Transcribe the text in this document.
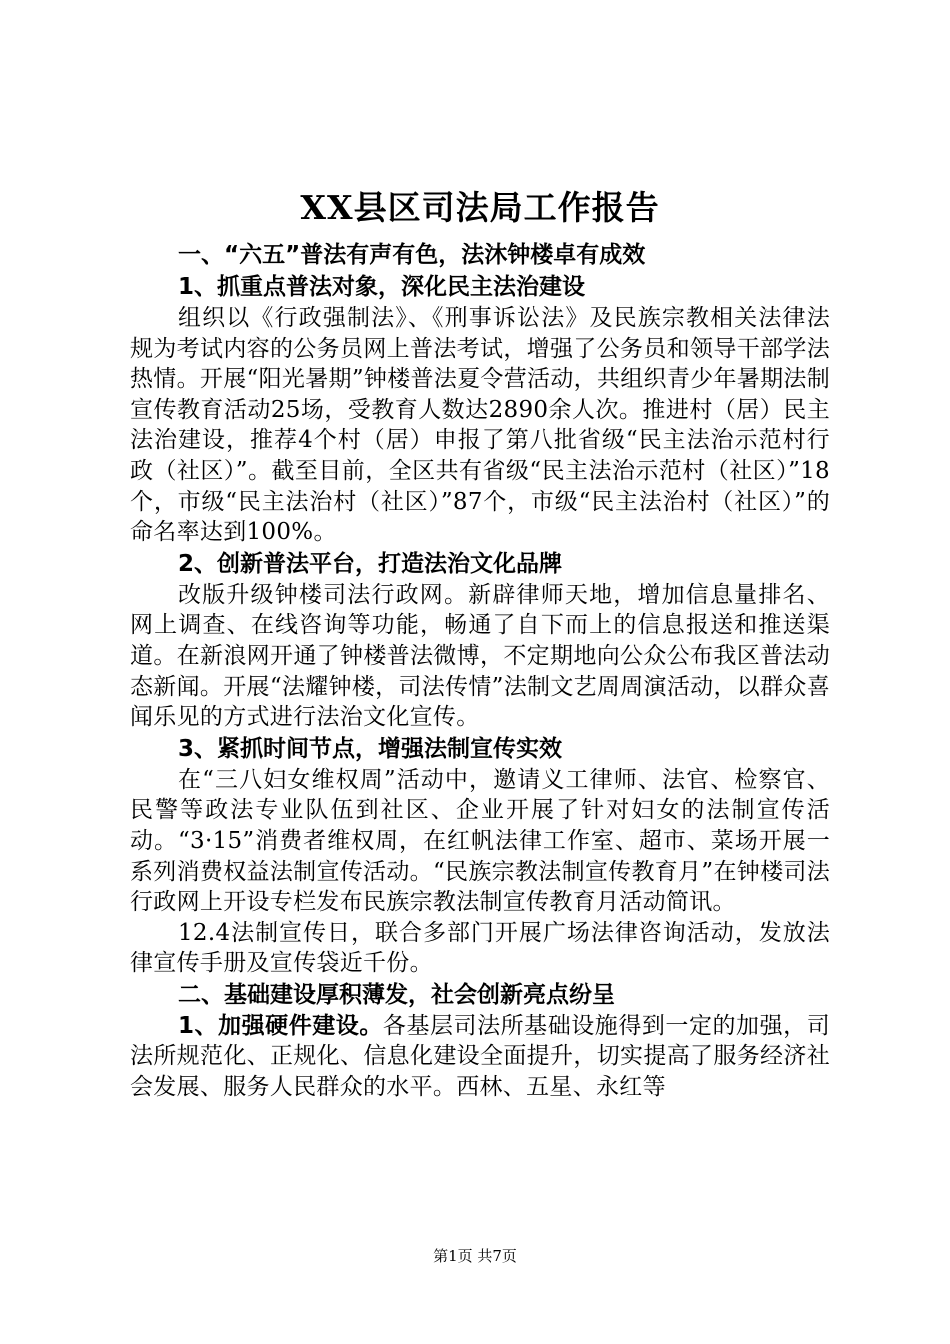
XX县区司法局工作报告
一、“六五”普法有声有色，法沐钟楼卓有成效
1、抓重点普法对象，深化民主法治建设

组织以《行政强制法》、《刑事诉讼法》及民族宗教相关法律法规为考试内容的公务员网上普法考试，增强了公务员和领导干部学法热情。开展“阳光暑期”钟楼普法夏令营活动，共组织青少年暑期法制宣传教育活动25场，受教育人数达2890余人次。推进村（居）民主法治建设，推荐4个村（居）申报了第八批省级“民主法治示范村行政（社区）”。截至目前，全区共有省级“民主法治示范村（社区）”18个，市级“民主法治村（社区）”87个，市级“民主法治村（社区）”的命名率达到100%。

2、创新普法平台，打造法治文化品牌

改版升级钟楼司法行政网。新辟律师天地，增加信息量排名、网上调查、在线咨询等功能，畅通了自下而上的信息报送和推送渠道。在新浪网开通了钟楼普法微博，不定期地向公众公布我区普法动态新闻。开展“法耀钟楼，司法传情”法制文艺周周演活动，以群众喜闻乐见的方式进行法治文化宣传。

3、紧抓时间节点，增强法制宣传实效

在“三八妇女维权周”活动中，邀请义工律师、法官、检察官、民警等政法专业队伍到社区、企业开展了针对妇女的法制宣传活动。“3·15”消费者维权周，在红帆法律工作室、超市、菜场开展一系列消费权益法制宣传活动。“民族宗教法制宣传教育月”在钟楼司法行政网上开设专栏发布民族宗教法制宣传教育月活动简讯。

12.4法制宣传日，联合多部门开展广场法律咨询活动，发放法律宣传手册及宣传袋近千份。

二、基础建设厚积薄发，社会创新亮点纷呈

1、加强硬件建设。各基层司法所基础设施得到一定的加强，司法所规范化、正规化、信息化建设全面提升，切实提高了服务经济社会发展、服务人民群众的水平。西林、五星、永红等

第1页 共7页
